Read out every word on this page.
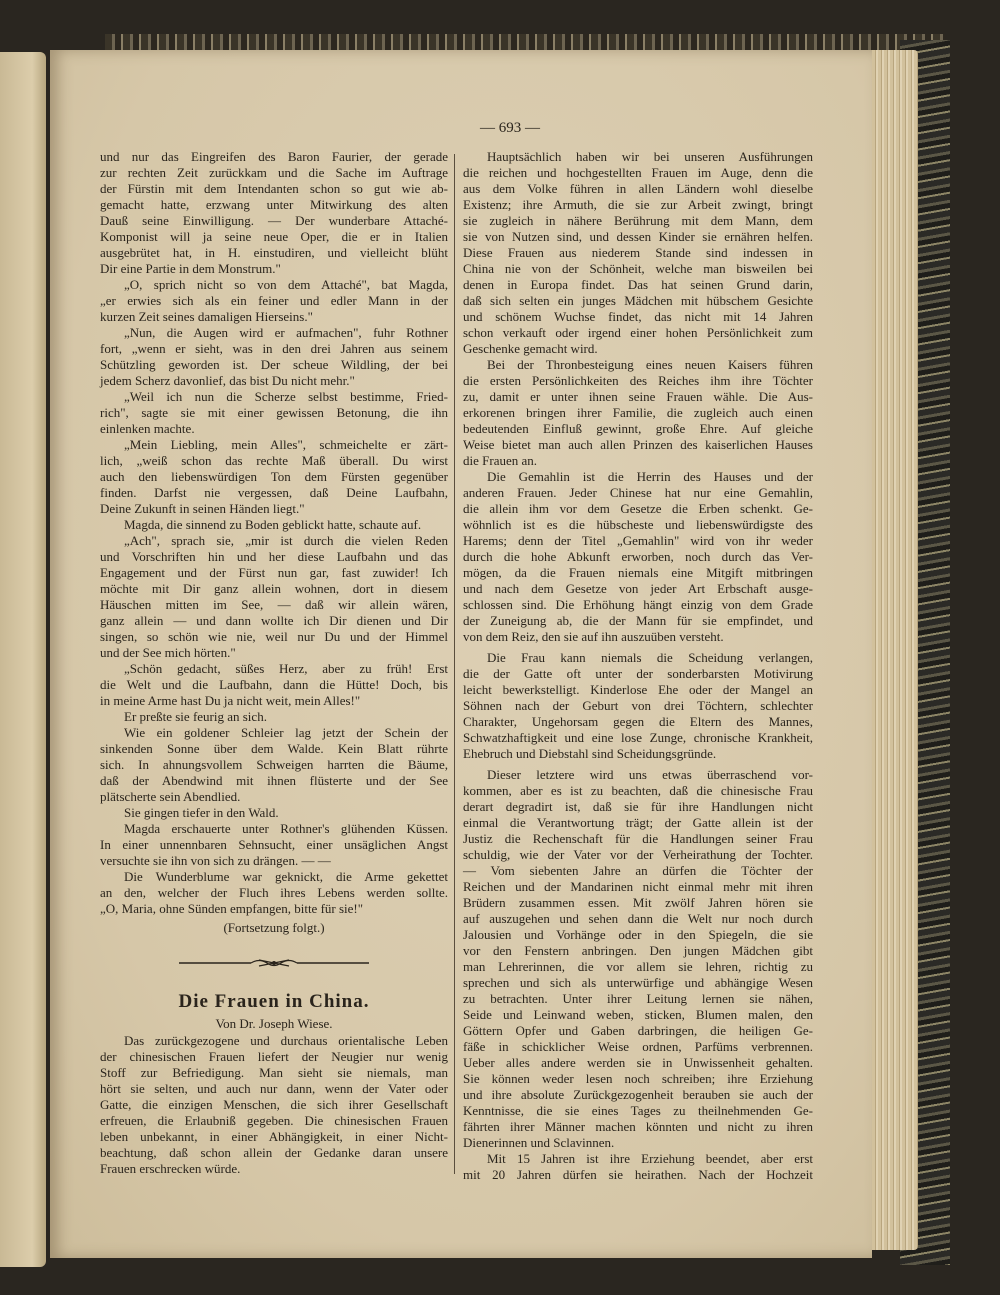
— 693 —
und nur das Eingreifen des Baron Faurier, der gerade
zur rechten Zeit zurückkam und die Sache im Auftrage
der Fürstin mit dem Intendanten schon so gut wie ab-
gemacht hatte, erzwang unter Mitwirkung des alten
Dauß seine Einwilligung. — Der wunderbare Attaché-
Komponist will ja seine neue Oper, die er in Italien
ausgebrütet hat, in H. einstudiren, und vielleicht blüht
Dir eine Partie in dem Monstrum."
„O, sprich nicht so von dem Attaché", bat Magda,
„er erwies sich als ein feiner und edler Mann in der
kurzen Zeit seines damaligen Hierseins."
„Nun, die Augen wird er aufmachen", fuhr Rothner
fort, „wenn er sieht, was in den drei Jahren aus seinem
Schützling geworden ist. Der scheue Wildling, der bei
jedem Scherz davonlief, das bist Du nicht mehr."
„Weil ich nun die Scherze selbst bestimme, Fried-
rich", sagte sie mit einer gewissen Betonung, die ihn
einlenken machte.
„Mein Liebling, mein Alles", schmeichelte er zärt-
lich, „weiß schon das rechte Maß überall. Du wirst
auch den liebenswürdigen Ton dem Fürsten gegenüber
finden. Darfst nie vergessen, daß Deine Laufbahn,
Deine Zukunft in seinen Händen liegt."
Magda, die sinnend zu Boden geblickt hatte, schaute auf.
„Ach", sprach sie, „mir ist durch die vielen Reden
und Vorschriften hin und her diese Laufbahn und das
Engagement und der Fürst nun gar, fast zuwider! Ich
möchte mit Dir ganz allein wohnen, dort in diesem
Häuschen mitten im See, — daß wir allein wären,
ganz allein — und dann wollte ich Dir dienen und Dir
singen, so schön wie nie, weil nur Du und der Himmel
und der See mich hörten."
„Schön gedacht, süßes Herz, aber zu früh! Erst
die Welt und die Laufbahn, dann die Hütte! Doch, bis
in meine Arme hast Du ja nicht weit, mein Alles!"
Er preßte sie feurig an sich.
Wie ein goldener Schleier lag jetzt der Schein der
sinkenden Sonne über dem Walde. Kein Blatt rührte
sich. In ahnungsvollem Schweigen harrten die Bäume,
daß der Abendwind mit ihnen flüsterte und der See
plätscherte sein Abendlied.
Sie gingen tiefer in den Wald.
Magda erschauerte unter Rothner's glühenden Küssen.
In einer unnennbaren Sehnsucht, einer unsäglichen Angst
versuchte sie ihn von sich zu drängen. — —
Die Wunderblume war geknickt, die Arme gekettet
an den, welcher der Fluch ihres Lebens werden sollte.
„O, Maria, ohne Sünden empfangen, bitte für sie!"
(Fortsetzung folgt.)
Die Frauen in China.
Von Dr. Joseph Wiese.
Das zurückgezogene und durchaus orientalische Leben
der chinesischen Frauen liefert der Neugier nur wenig
Stoff zur Befriedigung. Man sieht sie niemals, man
hört sie selten, und auch nur dann, wenn der Vater oder
Gatte, die einzigen Menschen, die sich ihrer Gesellschaft
erfreuen, die Erlaubniß gegeben. Die chinesischen Frauen
leben unbekannt, in einer Abhängigkeit, in einer Nicht-
beachtung, daß schon allein der Gedanke daran unsere
Frauen erschrecken würde.
Hauptsächlich haben wir bei unseren Ausführungen
die reichen und hochgestellten Frauen im Auge, denn die
aus dem Volke führen in allen Ländern wohl dieselbe
Existenz; ihre Armuth, die sie zur Arbeit zwingt, bringt
sie zugleich in nähere Berührung mit dem Mann, dem
sie von Nutzen sind, und dessen Kinder sie ernähren helfen.
Diese Frauen aus niederem Stande sind indessen in
China nie von der Schönheit, welche man bisweilen bei
denen in Europa findet. Das hat seinen Grund darin,
daß sich selten ein junges Mädchen mit hübschem Gesichte
und schönem Wuchse findet, das nicht mit 14 Jahren
schon verkauft oder irgend einer hohen Persönlichkeit zum
Geschenke gemacht wird.
Bei der Thronbesteigung eines neuen Kaisers führen
die ersten Persönlichkeiten des Reiches ihm ihre Töchter
zu, damit er unter ihnen seine Frauen wähle. Die Aus-
erkorenen bringen ihrer Familie, die zugleich auch einen
bedeutenden Einfluß gewinnt, große Ehre. Auf gleiche
Weise bietet man auch allen Prinzen des kaiserlichen Hauses
die Frauen an.
Die Gemahlin ist die Herrin des Hauses und der
anderen Frauen. Jeder Chinese hat nur eine Gemahlin,
die allein ihm vor dem Gesetze die Erben schenkt. Ge-
wöhnlich ist es die hübscheste und liebenswürdigste des
Harems; denn der Titel „Gemahlin" wird von ihr weder
durch die hohe Abkunft erworben, noch durch das Ver-
mögen, da die Frauen niemals eine Mitgift mitbringen
und nach dem Gesetze von jeder Art Erbschaft ausge-
schlossen sind. Die Erhöhung hängt einzig von dem Grade
der Zuneigung ab, die der Mann für sie empfindet, und
von dem Reiz, den sie auf ihn auszuüben versteht.
Die Frau kann niemals die Scheidung verlangen,
die der Gatte oft unter der sonderbarsten Motivirung
leicht bewerkstelligt. Kinderlose Ehe oder der Mangel an
Söhnen nach der Geburt von drei Töchtern, schlechter
Charakter, Ungehorsam gegen die Eltern des Mannes,
Schwatzhaftigkeit und eine lose Zunge, chronische Krankheit,
Ehebruch und Diebstahl sind Scheidungsgründe.
Dieser letztere wird uns etwas überraschend vor-
kommen, aber es ist zu beachten, daß die chinesische Frau
derart degradirt ist, daß sie für ihre Handlungen nicht
einmal die Verantwortung trägt; der Gatte allein ist der
Justiz die Rechenschaft für die Handlungen seiner Frau
schuldig, wie der Vater vor der Verheirathung der Tochter.
— Vom siebenten Jahre an dürfen die Töchter der
Reichen und der Mandarinen nicht einmal mehr mit ihren
Brüdern zusammen essen. Mit zwölf Jahren hören sie
auf auszugehen und sehen dann die Welt nur noch durch
Jalousien und Vorhänge oder in den Spiegeln, die sie
vor den Fenstern anbringen. Den jungen Mädchen gibt
man Lehrerinnen, die vor allem sie lehren, richtig zu
sprechen und sich als unterwürfige und abhängige Wesen
zu betrachten. Unter ihrer Leitung lernen sie nähen,
Seide und Leinwand weben, sticken, Blumen malen, den
Göttern Opfer und Gaben darbringen, die heiligen Ge-
fäße in schicklicher Weise ordnen, Parfüms verbrennen.
Ueber alles andere werden sie in Unwissenheit gehalten.
Sie können weder lesen noch schreiben; ihre Erziehung
und ihre absolute Zurückgezogenheit berauben sie auch der
Kenntnisse, die sie eines Tages zu theilnehmenden Ge-
fährten ihrer Männer machen könnten und nicht zu ihren
Dienerinnen und Sclavinnen.
Mit 15 Jahren ist ihre Erziehung beendet, aber erst
mit 20 Jahren dürfen sie heirathen. Nach der Hochzeit
